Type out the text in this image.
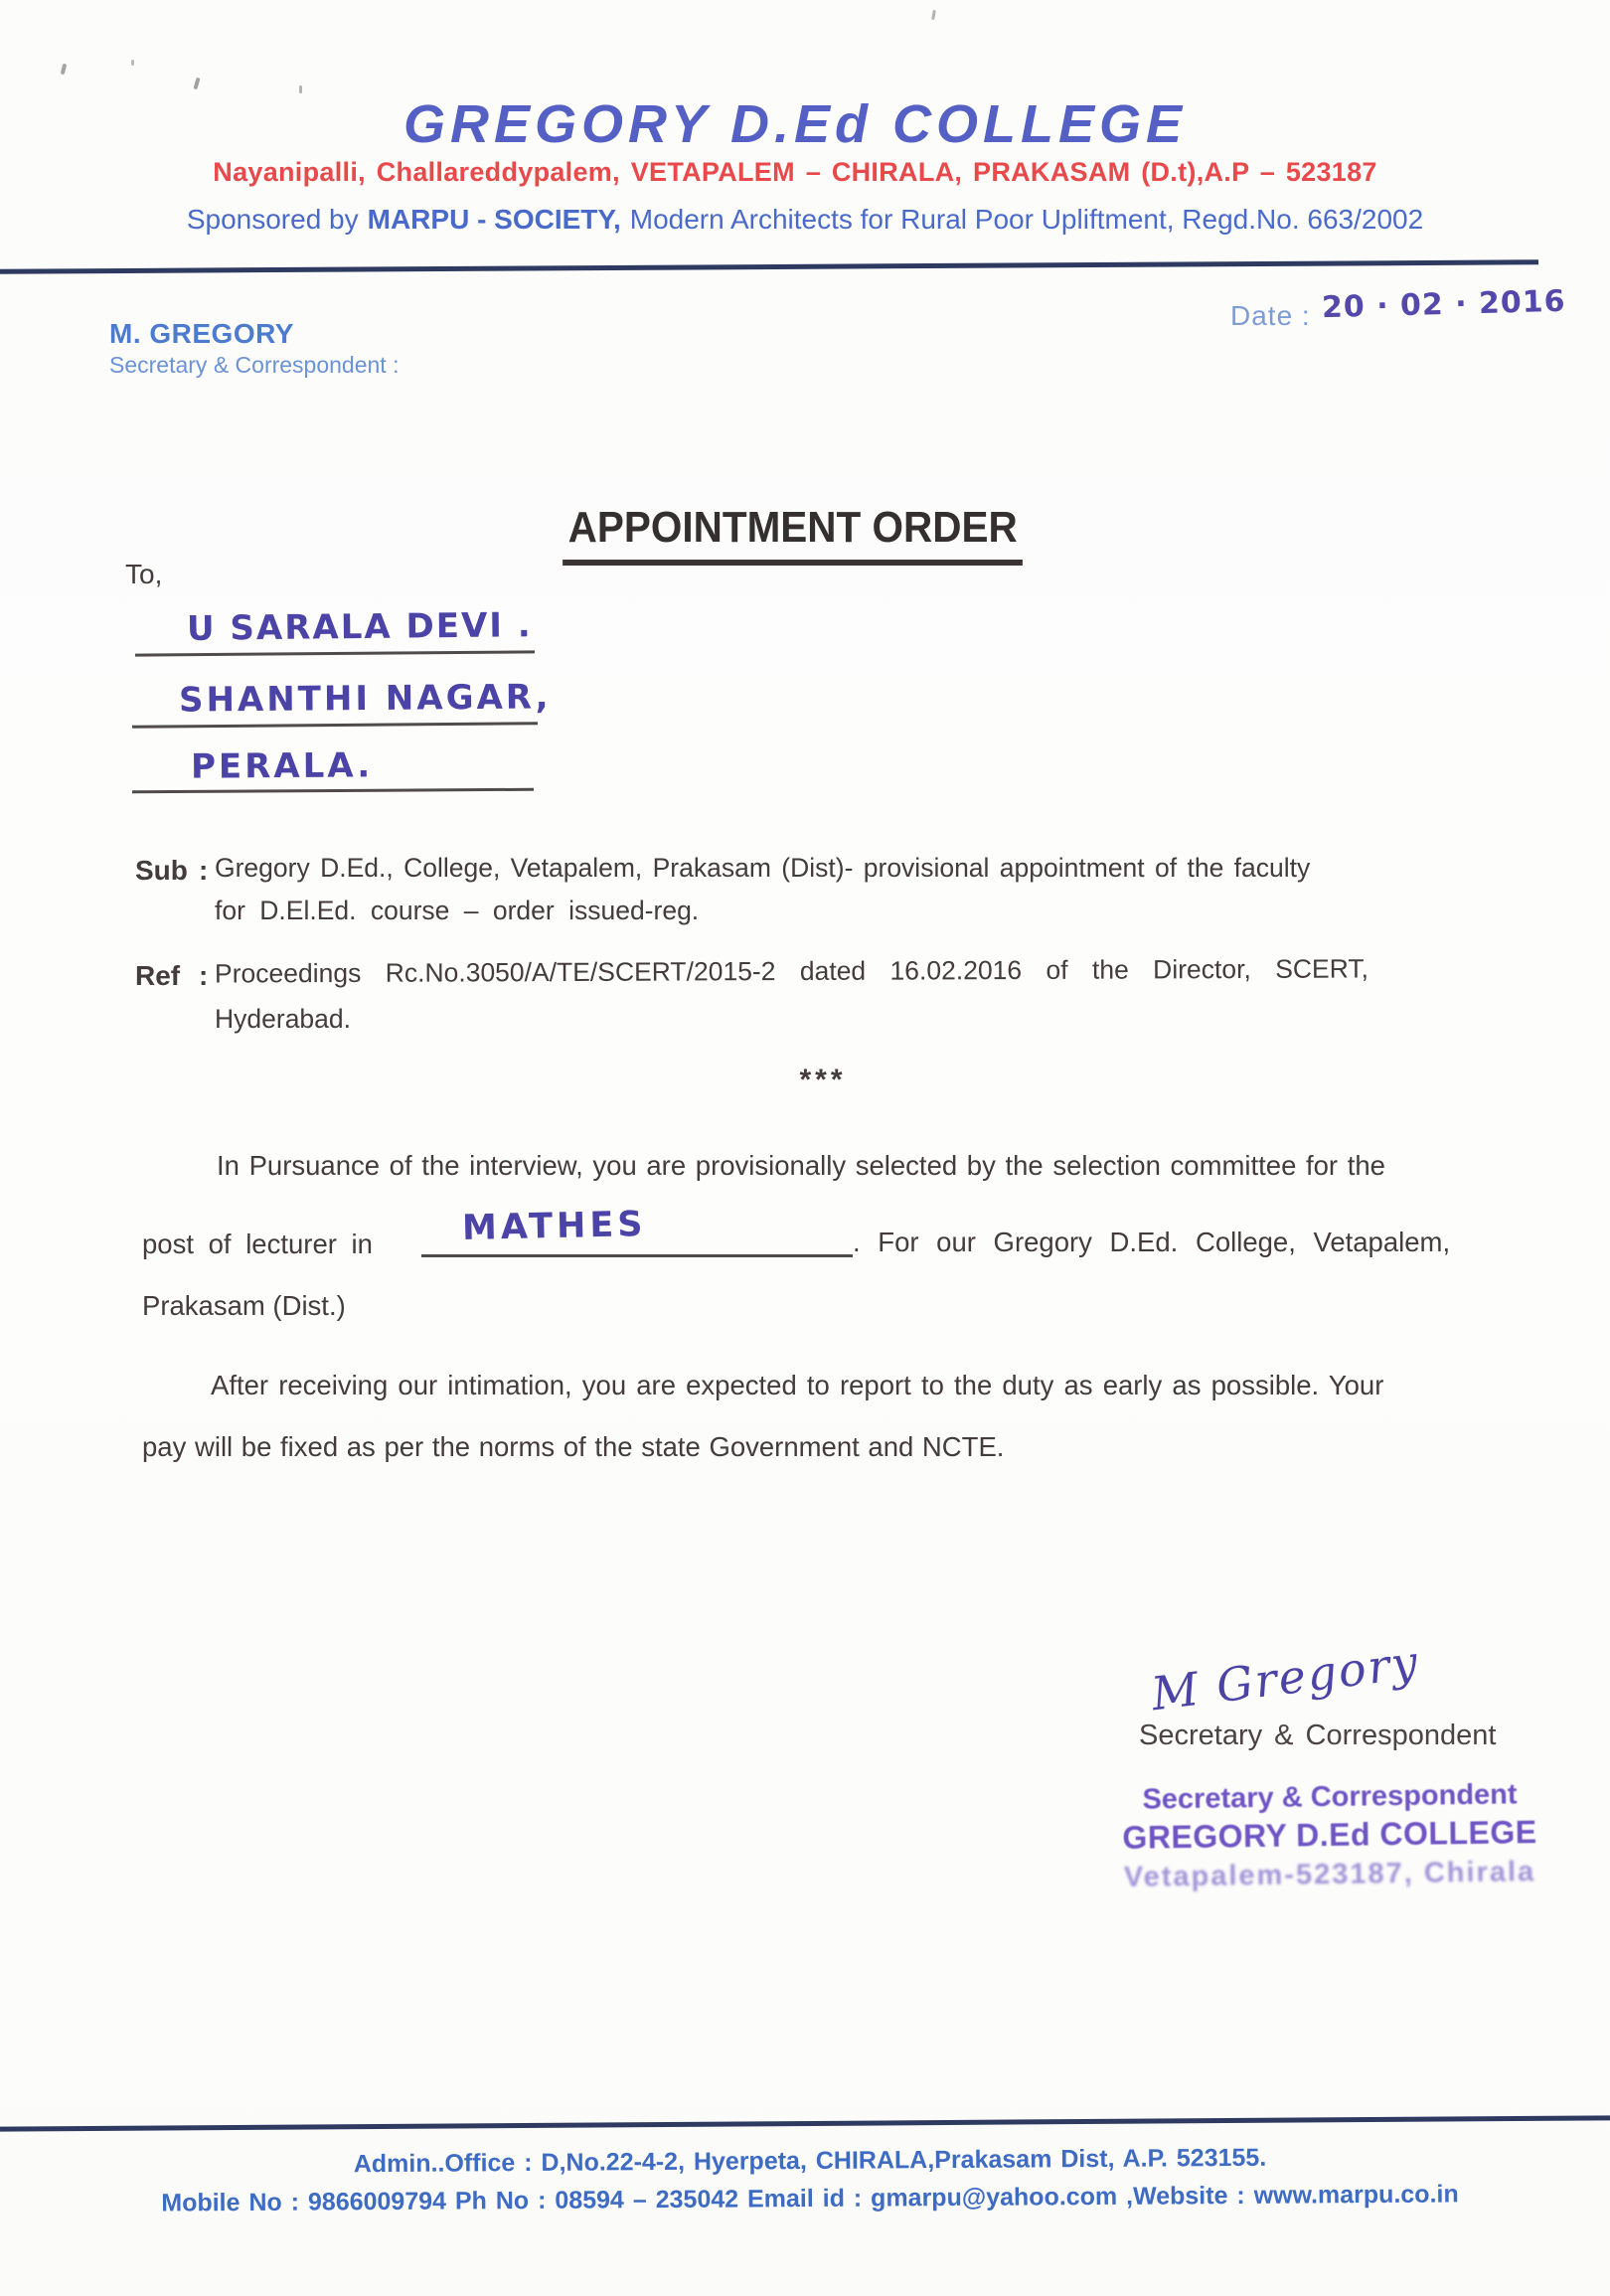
GREGORY D.Ed COLLEGE
Nayanipalli, Challareddypalem, VETAPALEM – CHIRALA, PRAKASAM (D.t),A.P – 523187
Sponsored by MARPU - SOCIETY, Modern Architects for Rural Poor Upliftment, Regd.No. 663/2002
M. GREGORY
Secretary & Correspondent :
Date : 20 · 02 · 2016
APPOINTMENT ORDER
To,
U SARALA DEVI .
SHANTHI NAGAR,
PERALA.
Sub : Gregory D.Ed., College, Vetapalem, Prakasam (Dist)- provisional appointment of the faculty
for D.El.Ed. course – order issued-reg.
Ref : Proceedings Rc.No.3050/A/TE/SCERT/2015-2 dated 16.02.2016 of the Director, SCERT,
Hyderabad.
***
In Pursuance of the interview, you are provisionally selected by the selection committee for the
post of lecturer in	MATHES	. For our Gregory D.Ed. College, Vetapalem,
Prakasam (Dist.)
After receiving our intimation, you are expected to report to the duty as early as possible. Your
pay will be fixed as per the norms of the state Government and NCTE.
M Gregory
Secretary & Correspondent
Secretary & Correspondent
GREGORY D.Ed COLLEGE
Vetapalem-523187, Chirala
Admin..Office : D,No.22-4-2, Hyerpeta, CHIRALA,Prakasam Dist, A.P. 523155.
Mobile No : 9866009794 Ph No : 08594 – 235042 Email id : gmarpu@yahoo.com ,Website : www.marpu.co.in
